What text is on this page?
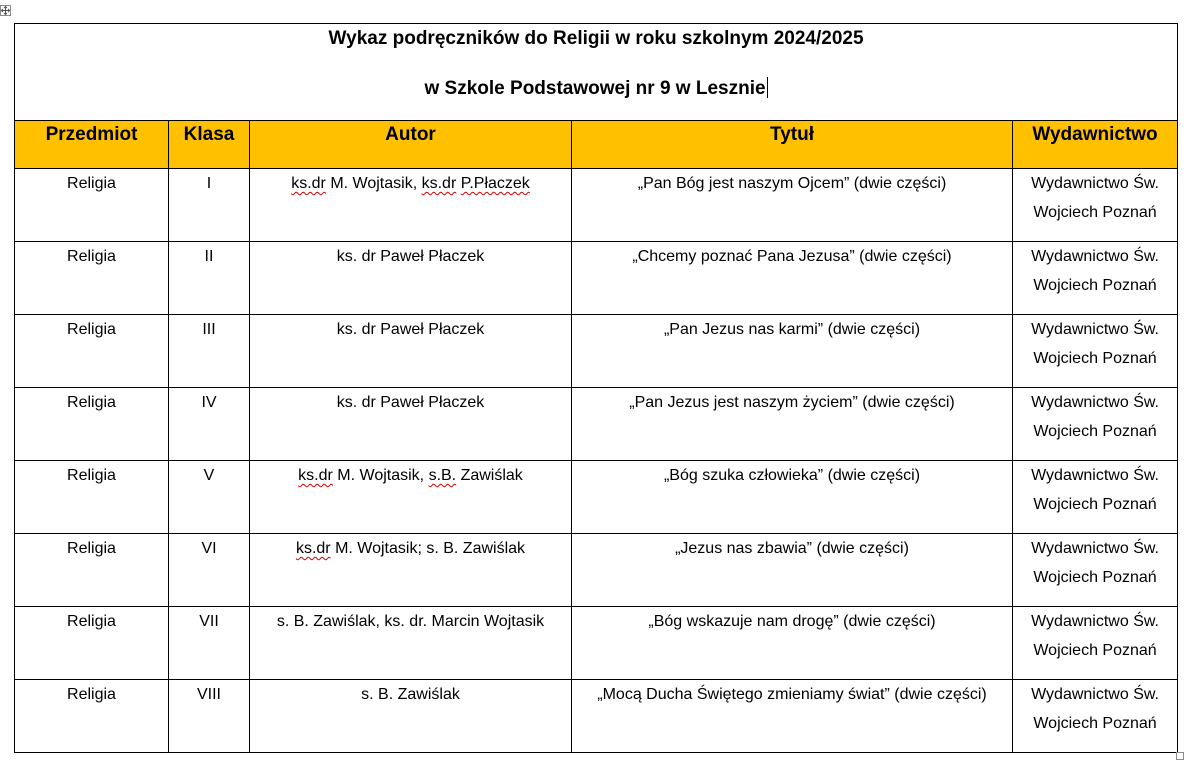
Wykaz podręczników do Religii w roku szkolnym 2024/2025
w Szkole Podstawowej nr 9 w Lesznie				

Przedmiot	Klasa	Autor	Tytuł	Wydawnictwo
Religia	I	ks.dr M. Wojtasik, ks.dr P.Płaczek	„Pan Bóg jest naszym Ojcem” (dwie części)	Wydawnictwo Św.
Wojciech Poznań

Religia	II	ks. dr Paweł Płaczek	„Chcemy poznać Pana Jezusa” (dwie części)	Wydawnictwo Św.
Wojciech Poznań

Religia	III	ks. dr Paweł Płaczek	„Pan Jezus nas karmi” (dwie części)	Wydawnictwo Św.
Wojciech Poznań

Religia	IV	ks. dr Paweł Płaczek	„Pan Jezus jest naszym życiem” (dwie części)	Wydawnictwo Św.
Wojciech Poznań

Religia	V	ks.dr M. Wojtasik, s.B. Zawiślak	„Bóg szuka człowieka” (dwie części)	Wydawnictwo Św.
Wojciech Poznań

Religia	VI	ks.dr M. Wojtasik; s. B. Zawiślak	„Jezus nas zbawia” (dwie części)	Wydawnictwo Św.
Wojciech Poznań

Religia	VII	s. B. Zawiślak, ks. dr. Marcin Wojtasik	„Bóg wskazuje nam drogę” (dwie części)	Wydawnictwo Św.
Wojciech Poznań

Religia	VIII	s. B. Zawiślak	„Mocą Ducha Świętego zmieniamy świat” (dwie części)	Wydawnictwo Św.
Wojciech Poznań
